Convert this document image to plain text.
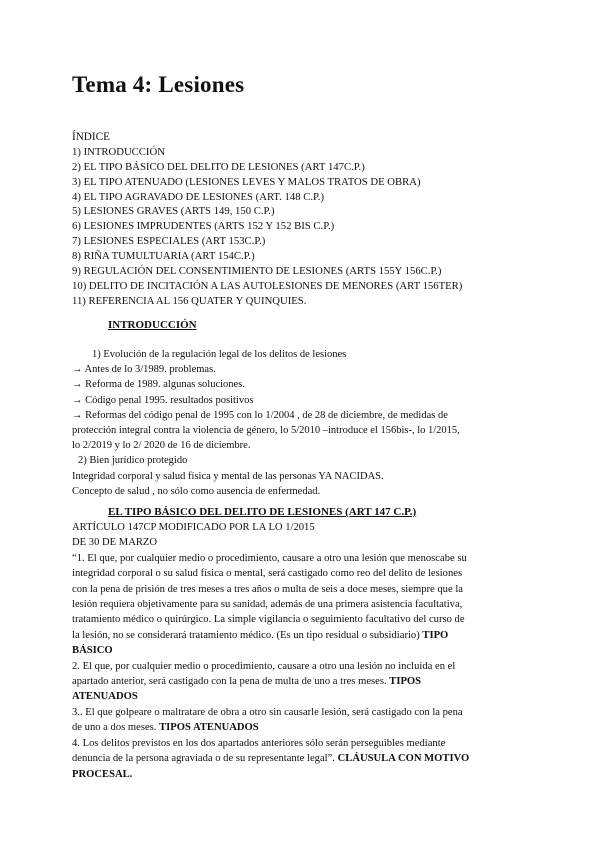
Tema 4: Lesiones

ÍNDICE

1) INTRODUCCIÓN

2) EL TIPO BÁSICO DEL DELITO DE LESIONES (ART 147C.P.)

3) EL TIPO ATENUADO (LESIONES LEVES Y MALOS TRATOS DE OBRA)

4) EL TIPO AGRAVADO DE LESIONES (ART. 148 C.P.)

5) LESIONES GRAVES (ARTS 149, 150 C.P.)

6) LESIONES IMPRUDENTES (ARTS 152 Y 152 BIS C.P.)

7) LESIONES ESPECIALES (ART 153C.P.)

8) RIÑA TUMULTUARIA (ART 154C.P.)

9) REGULACIÓN DEL CONSENTIMIENTO DE LESIONES (ARTS 155Y 156C.P.)

10) DELITO DE INCITACIÓN A LAS AUTOLESIONES DE MENORES (ART 156TER)

11) REFERENCIA AL 156 QUATER Y QUINQUIES.

INTRODUCCIÓN

1) Evolución de la regulación legal de los delitos de lesiones

→ Antes de lo 3/1989. problemas.

→ Reforma de 1989. algunas soluciones.

→ Código penal 1995. resultados positivos

→ Reformas del código penal de 1995 con lo 1/2004 , de 28 de diciembre, de medidas de

protección integral contra la violencia de género, lo 5/2010 –introduce el 156bis-, lo 1/2015,

lo 2/2019 y lo 2/ 2020 de 16 de diciembre.

2) Bien jurídico protegido

Integridad corporal y salud física y mental de las personas YA NACIDAS.

Concepto de salud , no sólo como ausencia de enfermedad.

EL TIPO BÁSICO DEL DELITO DE LESIONES (ART 147 C.P.)

ARTÍCULO 147CP MODIFICADO POR LA LO 1/2015

DE 30 DE MARZO

“1. El que, por cualquier medio o procedimiento, causare a otro una lesión que menoscabe su

integridad corporal o su salud física o mental, será castigado como reo del delito de lesiones

con la pena de prisión de tres meses a tres años o multa de seis a doce meses, siempre que la

lesión requiera objetivamente para su sanidad, además de una primera asistencia facultativa,

tratamiento médico o quirúrgico. La simple vigilancia o seguimiento facultativo del curso de

la lesión, no se considerará tratamiento médico. (Es un tipo residual o subsidiario) TIPO

BÁSICO

2. El que, por cualquier medio o procedimiento, causare a otro una lesión no incluida en el

apartado anterior, será castigado con la pena de multa de uno a tres meses. TIPOS

ATENUADOS

3.. El que golpeare o maltratare de obra a otro sin causarle lesión, será castigado con la pena

de uno a dos meses. TIPOS ATENUADOS

4. Los delitos previstos en los dos apartados anteriores sólo serán perseguibles mediante

denuncia de la persona agraviada o de su representante legal”. CLÁUSULA CON MOTIVO

PROCESAL.
